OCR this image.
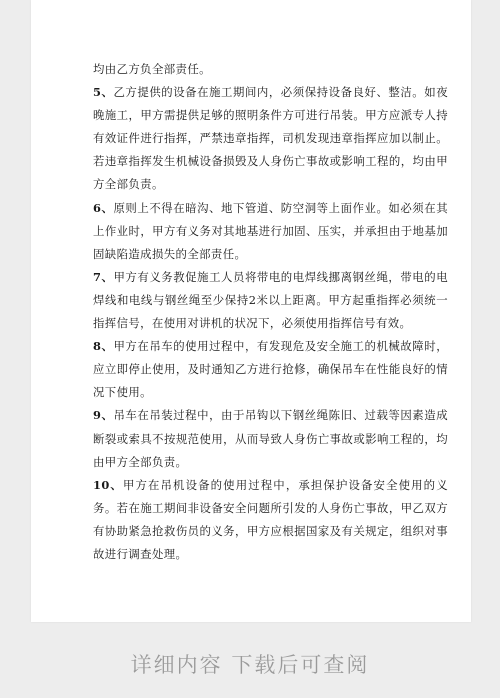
均由乙方负全部责任。

5、乙方提供的设备在施工期间内，必须保持设备良好、整洁。如夜晚施工，甲方需提供足够的照明条件方可进行吊装。甲方应派专人持有效证件进行指挥，严禁违章指挥，司机发现违章指挥应加以制止。若违章指挥发生机械设备损毁及人身伤亡事故或影响工程的，均由甲方全部负责。

6、原则上不得在暗沟、地下管道、防空洞等上面作业。如必须在其上作业时，甲方有义务对其地基进行加固、压实，并承担由于地基加固缺陷造成损失的全部责任。

7、甲方有义务教促施工人员将带电的电焊线挪离钢丝绳，带电的电焊线和电线与钢丝绳至少保持2米以上距离。甲方起重指挥必须统一指挥信号，在使用对讲机的状况下，必须使用指挥信号有效。

8、甲方在吊车的使用过程中，有发现危及安全施工的机械故障时，应立即停止使用，及时通知乙方进行抢修，确保吊车在性能良好的情况下使用。

9、吊车在吊装过程中，由于吊钩以下钢丝绳陈旧、过载等因素造成断裂或索具不按规范使用，从而导致人身伤亡事故或影响工程的，均由甲方全部负责。

10、甲方在吊机设备的使用过程中，承担保护设备安全使用的义务。若在施工期间非设备安全问题所引发的人身伤亡事故，甲乙双方有协助紧急抢救伤员的义务，甲方应根据国家及有关规定，组织对事故进行调查处理。

详细内容 下载后可查阅
